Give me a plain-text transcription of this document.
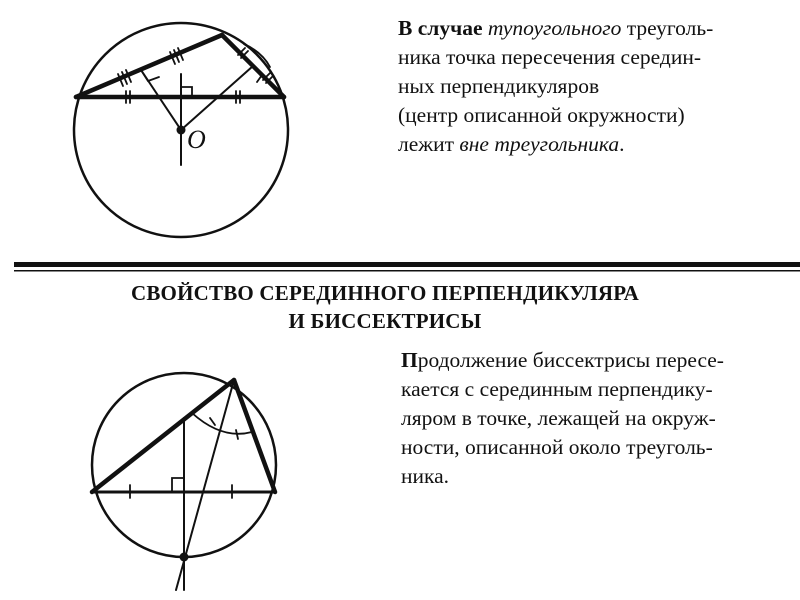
O

В случае тупоугольного треуголь-
ника точка пересечения середин-
ных перпендикуляров
(центр описанной окружности)
лежит вне треугольника.

СВОЙСТВО СЕРЕДИННОГО ПЕРПЕНДИКУЛЯРА
И БИССЕКТРИСЫ

Продолжение биссектрисы пересе-
кается с серединным перпендику-
ляром в точке, лежащей на окруж-
ности, описанной около треуголь-
ника.
